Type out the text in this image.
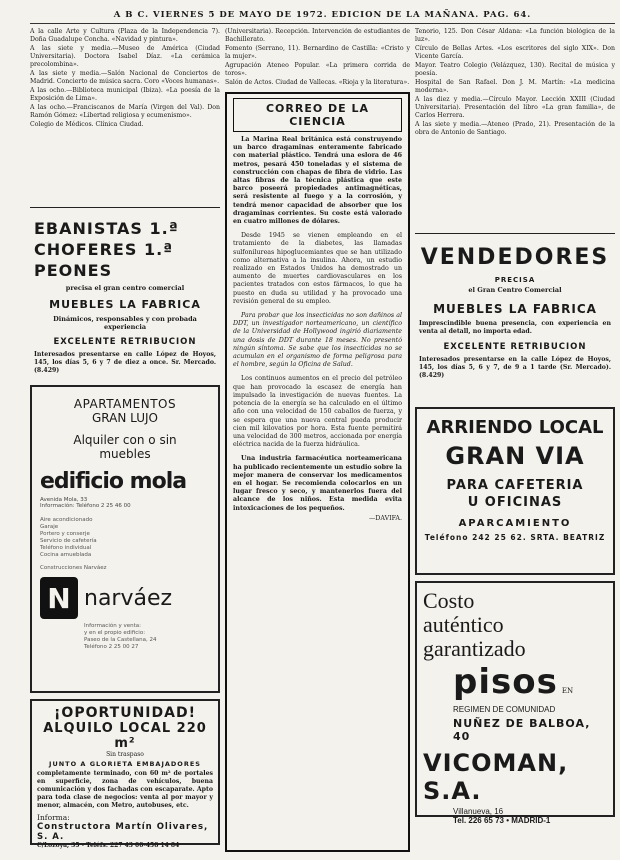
A B C. VIERNES 5 DE MAYO DE 1972. EDICION DE LA MAÑANA. PAG. 64.

A la calle Arte y Cultura (Plaza de la Independencia 7). Doña Guadalupe Concha. «Navidad y pintura».

A las siete y media.—Museo de América (Ciudad Universitaria). Doctora Isabel Díaz. «La cerámica precolombina».

A las siete y media.—Salón Nacional de Conciertos de Madrid. Concierto de música sacra. Coro «Voces humanas».

A las ocho.—Biblioteca municipal (Ibiza). «La poesía de la Exposición de Lima».

A las ocho.—Franciscanos de María (Virgen del Val). Don Ramón Gómez: «Libertad religiosa y ecumenismo».

Colegio de Médicos. Clínica Ciudad.

EBANISTAS 1.ª
CHOFERES 1.ª
PEONES
precisa el gran centro comercial
MUEBLES LA FABRICA
Dinámicos, responsables y con probada experiencia
EXCELENTE RETRIBUCION
Interesados presentarse en calle López de Hoyos, 145, los días 5, 6 y 7 de diez a once. Sr. Mercado. (8.429)
APARTAMENTOS
GRAN LUJO
Alquiler con o sin
muebles
edificio mola
Avenida Mola, 33
Información: Teléfono 2 25 46 00
Aire acondicionado
Garaje
Portero y conserje
Servicio de cafetería
Teléfono individual
Cocina amueblada
Construcciones Narváez
N narváez
Información y venta:
y en el propio edificio:
Paseo de la Castellana, 24
Teléfono 2 25 00 27
¡OPORTUNIDAD!
ALQUILO LOCAL 220 m²
Sin traspaso
JUNTO A GLORIETA EMBAJADORES
completamente terminado, con 60 m² de portales en superficie, zona de vehículos, buena comunicación y dos fachadas con escaparate. Apto para toda clase de negocios: venta al por mayor y menor, almacén, con Metro, autobuses, etc.
Informa:
Constructora Martín Olivares, S. A.
C/Lozoya, 35 - Teléfs. 227 43 00-458 14 84

(Universitaria). Recepción. Intervención de estudiantes de Bachillerato.

Fomento (Serrano, 11). Bernardino de Castilla: «Cristo y la mujer».

Agrupación Ateneo Popular. «La primera corrida de toros».

Salón de Actos. Ciudad de Vallecas. «Rioja y la literatura».

CORREO DE LA CIENCIA

La Marina Real británica está construyendo un barco dragaminas enteramente fabricado con material plástico. Tendrá una eslora de 46 metros, pesará 450 toneladas y el sistema de construcción con chapas de fibra de vidrio. Las altas fibras de la técnica plástica que este barco poseerá propiedades antimagnéticas, será resistente al fuego y a la corrosión, y tendrá menor capacidad de absorber que los dragaminas corrientes. Su coste está valorado en cuatro millones de dólares.

Desde 1945 se vienen empleando en el tratamiento de la diabetes, las llamadas sulfonilureas hipoglucemiantes que se han utilizado como alternativa a la insulina. Ahora, un estudio realizado en Estados Unidos ha demostrado un aumento de muertes cardiovasculares en los pacientes tratados con estos fármacos, lo que ha puesto en duda su utilidad y ha provocado una revisión general de su empleo.

Para probar que los insecticidas no son dañinos al DDT, un investigador norteamericano, un científico de la Universidad de Hollywood ingirió diariamente una dosis de DDT durante 18 meses. No presentó ningún síntoma. Se sabe que los insecticidas no se acumulan en el organismo de forma peligrosa para el hombre, según la Oficina de Salud.

Los continuos aumentos en el precio del petróleo que han provocado la escasez de energía han impulsado la investigación de nuevas fuentes. La potencia de la energía se ha calculado en el último año con una velocidad de 150 caballos de fuerza, y se espera que una nueva central pueda producir cien mil kilovatios por hora. Esta fuente permitirá una velocidad de 300 metros, accionada por energía eléctrica nacida de la fuerza hidráulica.

Una industria farmacéutica norteamericana ha publicado recientemente un estudio sobre la mejor manera de conservar los medicamentos en el hogar. Se recomienda colocarlos en un lugar fresco y seco, y mantenerlos fuera del alcance de los niños. Esta medida evita intoxicaciones de los pequeños.

—DAVIFA.

Tenorio, 125. Don César Aldana: «La función biológica de la luz».

Círculo de Bellas Artes. «Los escritores del siglo XIX». Don Vicente García.

Mayor. Teatro Colegio (Velázquez, 130). Recital de música y poesía.

Hospital de San Rafael. Don J. M. Martín: «La medicina moderna».

A las diez y media.—Círculo Mayor. Lección XXIII (Ciudad Universitaria). Presentación del libro «La gran familia», de Carlos Herrera.

A las siete y media.—Ateneo (Prado, 21). Presentación de la obra de Antonio de Santiago.

VENDEDORES
PRECISA
el Gran Centro Comercial
MUEBLES LA FABRICA
Imprescindible buena presencia, con experiencia en venta al detall, no importa edad.
EXCELENTE RETRIBUCION
Interesados presentarse en la calle López de Hoyos, 145, los días 5, 6 y 7, de 9 a 1 tarde (Sr. Mercado). (8.429)
ARRIENDO LOCAL
GRAN VIA
PARA CAFETERIA
U OFICINAS
APARCAMIENTO
Teléfono 242 25 62. SRTA. BEATRIZ
Costo
auténtico
garantizado
pisos EN
REGIMEN DE COMUNIDAD
NUÑEZ DE BALBOA, 40
VICOMAN, S.A.
Villanueva, 16
Tel. 226 65 73 • MADRID-1
